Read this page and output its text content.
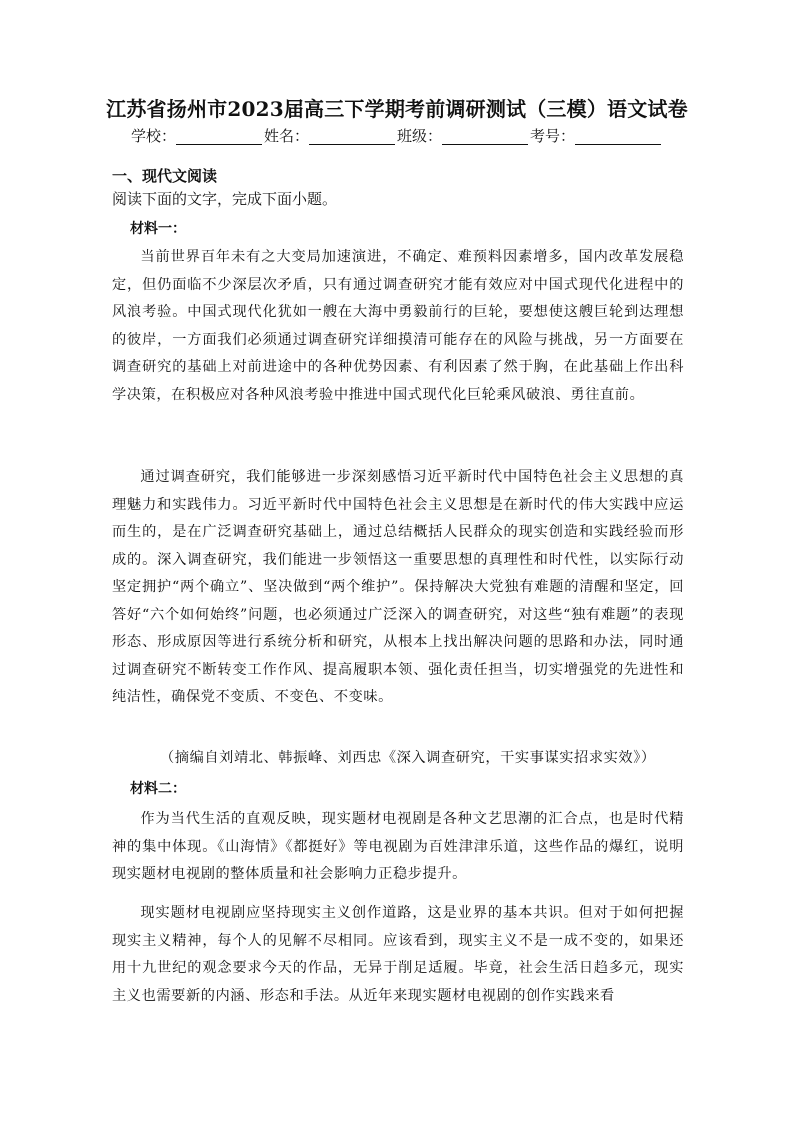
江苏省扬州市2023届高三下学期考前调研测试（三模）语文试卷
学校：	姓名：	班级：	考号：
一、现代文阅读
阅读下面的文字，完成下面小题。
材料一：
当前世界百年未有之大变局加速演进，不确定、难预料因素增多，国内改革发展稳定，但仍面临不少深层次矛盾，只有通过调查研究才能有效应对中国式现代化进程中的风浪考验。中国式现代化犹如一艘在大海中勇毅前行的巨轮，要想使这艘巨轮到达理想的彼岸，一方面我们必须通过调查研究详细摸清可能存在的风险与挑战，另一方面要在调查研究的基础上对前进途中的各种优势因素、有利因素了然于胸，在此基础上作出科学决策，在积极应对各种风浪考验中推进中国式现代化巨轮乘风破浪、勇往直前。
通过调查研究，我们能够进一步深刻感悟习近平新时代中国特色社会主义思想的真理魅力和实践伟力。习近平新时代中国特色社会主义思想是在新时代的伟大实践中应运而生的，是在广泛调查研究基础上，通过总结概括人民群众的现实创造和实践经验而形成的。深入调查研究，我们能进一步领悟这一重要思想的真理性和时代性，以实际行动坚定拥护“两个确立”、坚决做到“两个维护”。保持解决大党独有难题的清醒和坚定，回答好“六个如何始终”问题，也必须通过广泛深入的调查研究，对这些“独有难题”的表现形态、形成原因等进行系统分析和研究，从根本上找出解决问题的思路和办法，同时通过调查研究不断转变工作作风、提高履职本领、强化责任担当，切实增强党的先进性和纯洁性，确保党不变质、不变色、不变味。
（摘编自刘靖北、韩振峰、刘西忠《深入调查研究，干实事谋实招求实效》）
材料二：
作为当代生活的直观反映，现实题材电视剧是各种文艺思潮的汇合点，也是时代精神的集中体现。《山海情》《都挺好》等电视剧为百姓津津乐道，这些作品的爆红，说明现实题材电视剧的整体质量和社会影响力正稳步提升。
现实题材电视剧应坚持现实主义创作道路，这是业界的基本共识。但对于如何把握现实主义精神，每个人的见解不尽相同。应该看到，现实主义不是一成不变的，如果还用十九世纪的观念要求今天的作品，无异于削足适履。毕竟，社会生活日趋多元，现实主义也需要新的内涵、形态和手法。从近年来现实题材电视剧的创作实践来看
